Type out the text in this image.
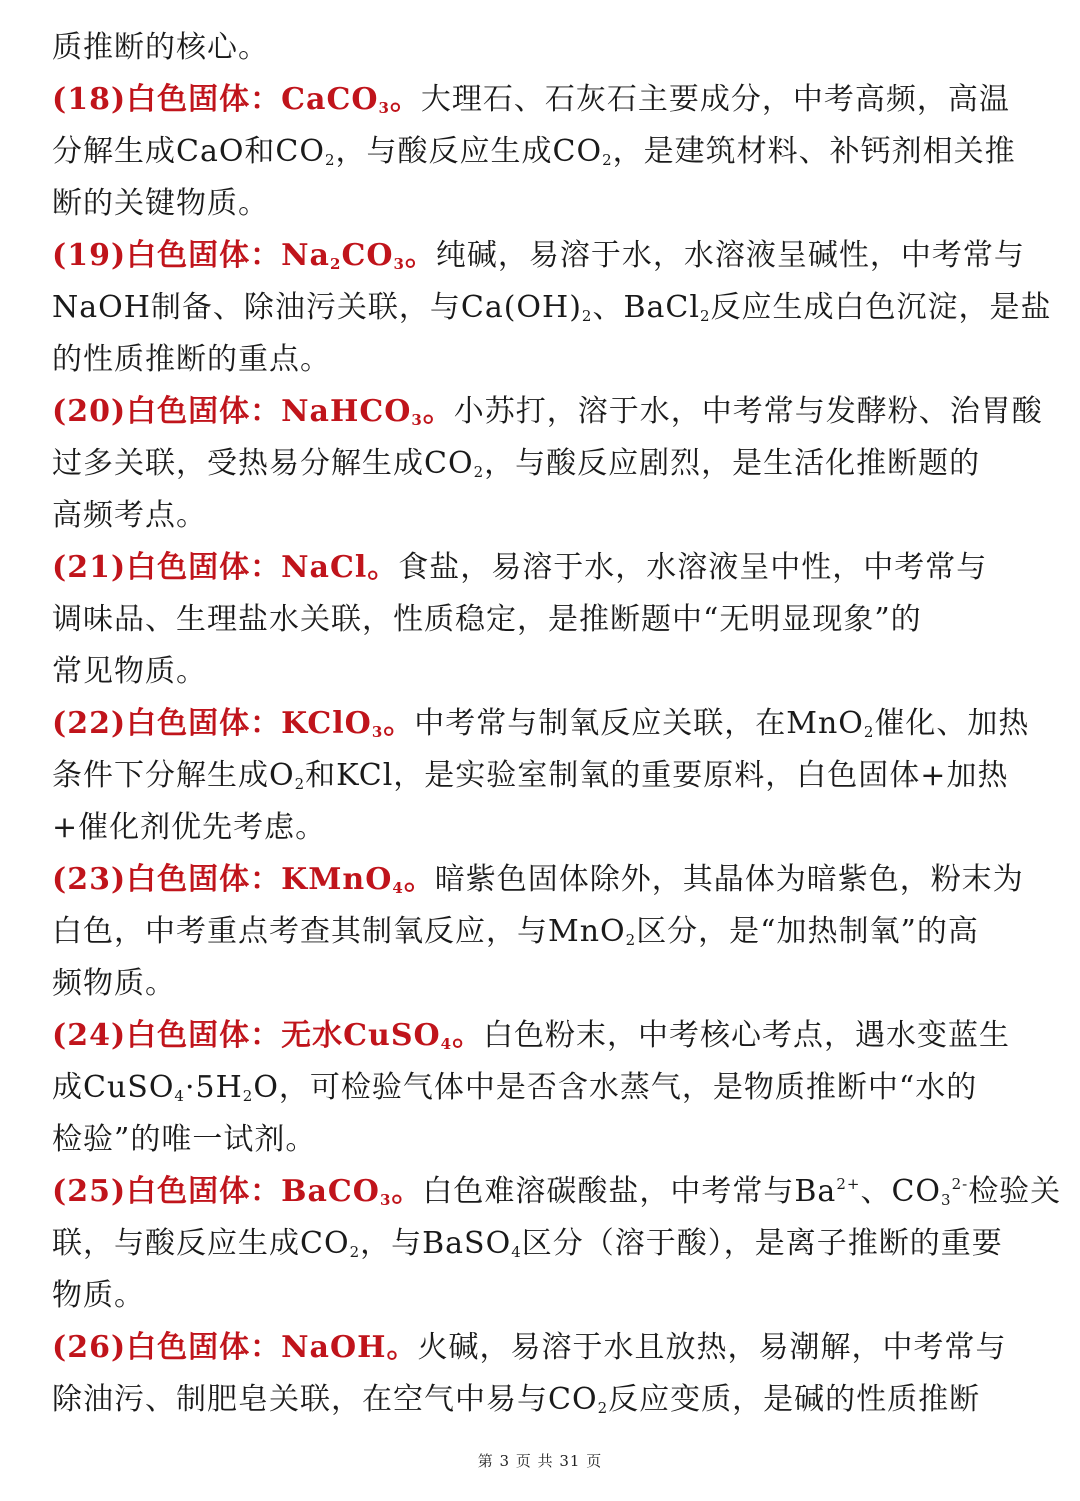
质推断的核心。
(18)白色固体：CaCO$_3$。大理石、石灰石主要成分，中考高频，高温
分解生成CaO和$CO_2$，与酸反应生成$CO_2$，是建筑材料、补钙剂相关推
断的关键物质。
(19)白色固体：$Na_2CO_3$。纯碱，易溶于水，水溶液呈碱性，中考常与
NaOH制备、除油污关联，与$Ca(OH)_2$、BaCl$_2$反应生成白色沉淀，是盐
的性质推断的重点。
(20)白色固体：NaHCO$_3$。小苏打，溶于水，中考常与发酵粉、治胃酸
过多关联，受热易分解生成$CO_2$，与酸反应剧烈，是生活化推断题的
高频考点。
(21)白色固体：NaCl。食盐，易溶于水，水溶液呈中性，中考常与
调味品、生理盐水关联，性质稳定，是推断题中“无明显现象”的
常见物质。
(22)白色固体：KClO$_3$。中考常与制氧反应关联，在MnO$_2$催化、加热
条件下分解生成$O_2$和KCl，是实验室制氧的重要原料，白色固体+加热
+催化剂优先考虑。
(23)白色固体：KMnO$_4$。暗紫色固体除外，其晶体为暗紫色，粉末为
白色，中考重点考查其制氧反应，与MnO$_2$区分，是“加热制氧”的高
频物质。
(24)白色固体：无水CuSO$_4$。白色粉末，中考核心考点，遇水变蓝生
成$CuSO_4\cdot 5H_2O$，可检验气体中是否含水蒸气，是物质推断中“水的
检验”的唯一试剂。
(25)白色固体：BaCO$_3$。白色难溶碳酸盐，中考常与$Ba^{2+}$、$CO_3^{2-}$检验关
联，与酸反应生成$CO_2$，与BaSO$_4$区分（溶于酸），是离子推断的重要
物质。
(26)白色固体：NaOH。火碱，易溶于水且放热，易潮解，中考常与
除油污、制肥皂关联，在空气中易与$CO_2$反应变质，是碱的性质推断
第 3 页 共 31 页
